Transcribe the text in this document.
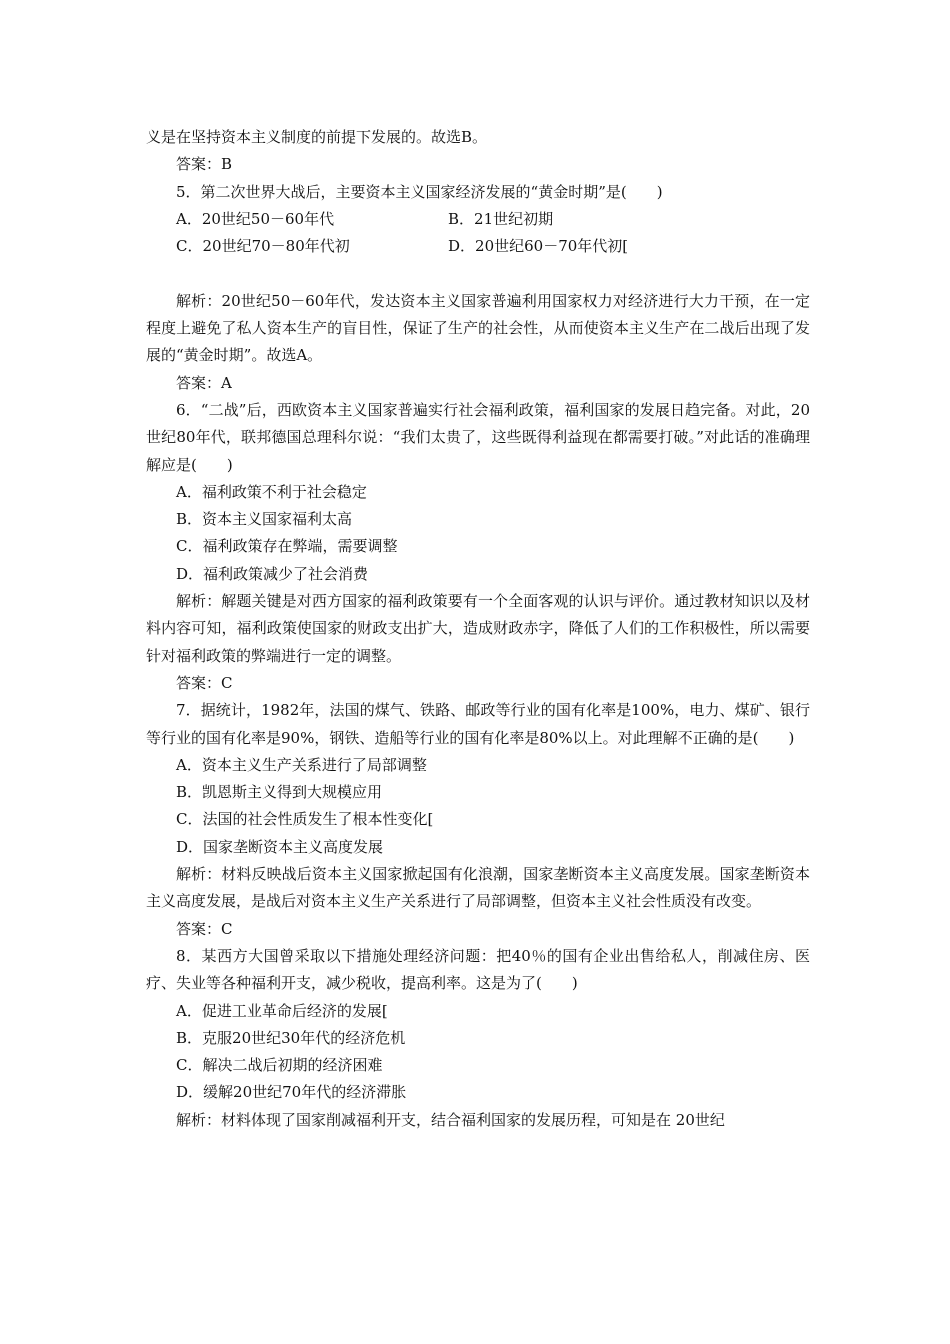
义是在坚持资本主义制度的前提下发展的。故选B。
答案：B
5．第二次世界大战后，主要资本主义国家经济发展的“黄金时期”是(　　)
A．20世纪50－60年代	B．21世纪初期
C．20世纪70－80年代初	D．20世纪60－70年代初[
解析：20世纪50－60年代，发达资本主义国家普遍利用国家权力对经济进行大力干预，在一定程度上避免了私人资本生产的盲目性，保证了生产的社会性，从而使资本主义生产在二战后出现了发展的“黄金时期”。故选A。
答案：A
6．“二战”后，西欧资本主义国家普遍实行社会福利政策，福利国家的发展日趋完备。对此，20世纪80年代，联邦德国总理科尔说：“我们太贵了，这些既得利益现在都需要打破。”对此话的准确理解应是(　　)
A．福利政策不利于社会稳定
B．资本主义国家福利太高
C．福利政策存在弊端，需要调整
D．福利政策减少了社会消费
解析：解题关键是对西方国家的福利政策要有一个全面客观的认识与评价。通过教材知识以及材料内容可知，福利政策使国家的财政支出扩大，造成财政赤字，降低了人们的工作积极性，所以需要针对福利政策的弊端进行一定的调整。
答案：C
7．据统计，1982年，法国的煤气、铁路、邮政等行业的国有化率是100%，电力、煤矿、银行等行业的国有化率是90%，钢铁、造船等行业的国有化率是80%以上。对此理解不正确的是(　　)
A．资本主义生产关系进行了局部调整
B．凯恩斯主义得到大规模应用
C．法国的社会性质发生了根本性变化[
D．国家垄断资本主义高度发展
解析：材料反映战后资本主义国家掀起国有化浪潮，国家垄断资本主义高度发展。国家垄断资本主义高度发展，是战后对资本主义生产关系进行了局部调整，但资本主义社会性质没有改变。
答案：C
8．某西方大国曾采取以下措施处理经济问题：把40％的国有企业出售给私人，削减住房、医疗、失业等各种福利开支，减少税收，提高利率。这是为了(　　)
A．促进工业革命后经济的发展[
B．克服20世纪30年代的经济危机
C．解决二战后初期的经济困难
D．缓解20世纪70年代的经济滞胀
解析：材料体现了国家削减福利开支，结合福利国家的发展历程，可知是在 20世纪
